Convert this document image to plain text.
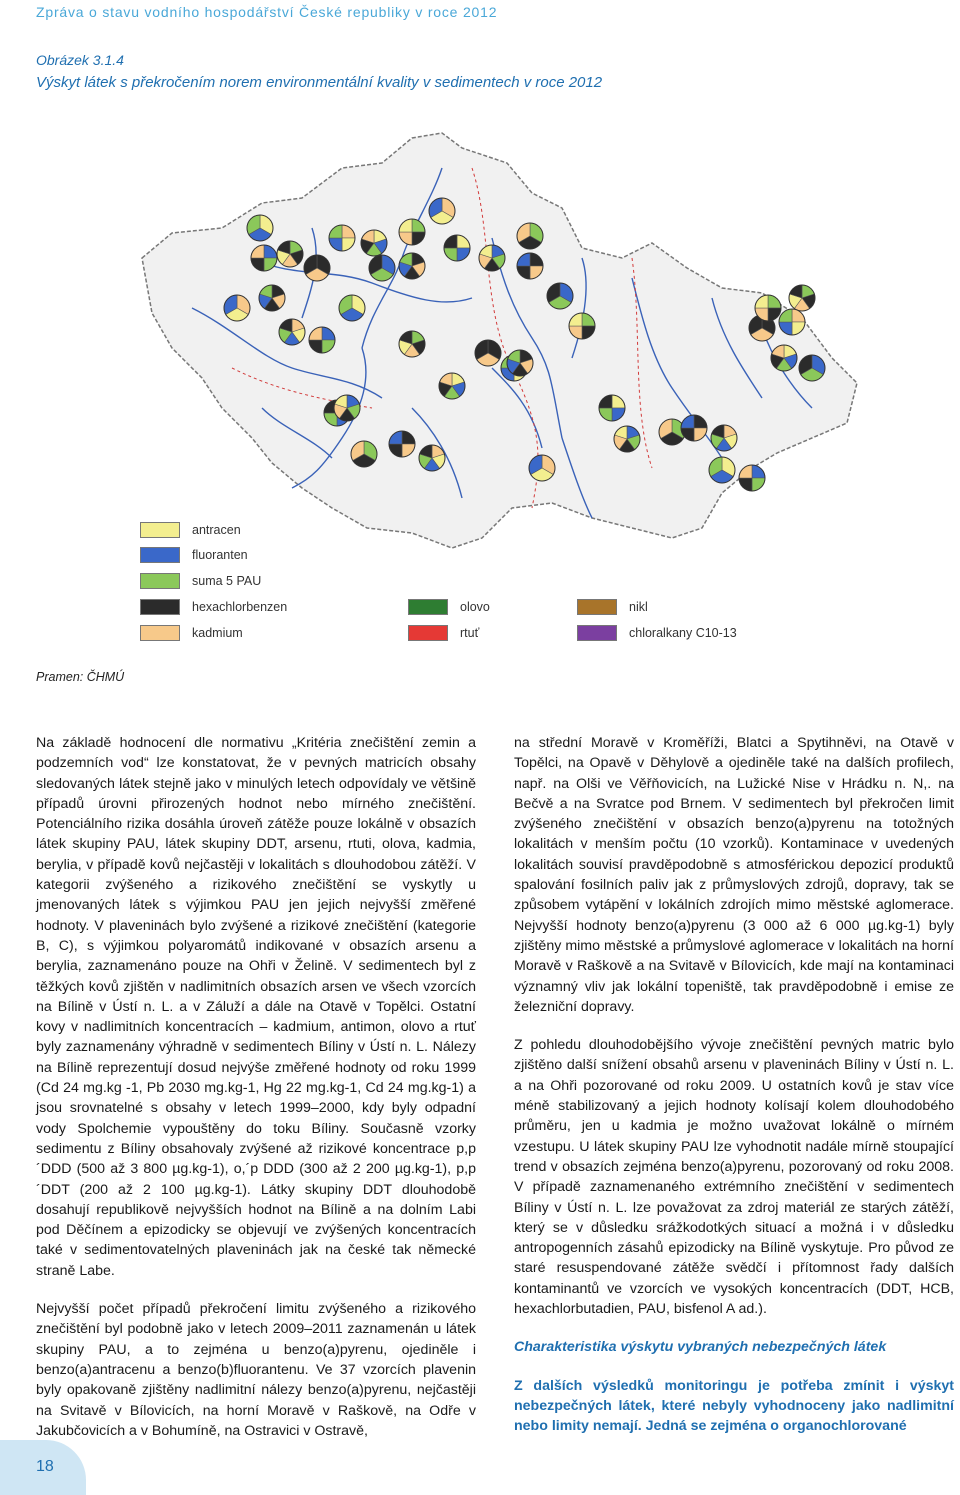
Zpráva o stavu vodního hospodářství České republiky v roce 2012
Obrázek 3.1.4
Výskyt látek s překročením norem environmentální kvality v sedimentech v roce 2012
antracen
fluoranten
suma 5 PAU
hexachlorbenzen
kadmium
olovo
rtuť
nikl
chloralkany C10-13
Pramen: ČHMÚ

Na základě hodnocení dle normativu „Kritéria znečištění zemin a podzemních vod“ lze konstatovat, že v pevných matricích obsahy sledovaných látek stejně jako v minulých letech odpovídaly ve většině případů úrovni přirozených hodnot nebo mírného znečištění. Potenciálního rizika dosáhla úroveň zátěže pouze lokálně v obsazích látek skupiny PAU, látek skupiny DDT, arsenu, rtuti, olova, kadmia, berylia, v případě kovů nejčastěji v lokalitách s dlouhodobou zátěží. V kategorii zvýšeného a rizikového znečištění se vyskytly u jmenovaných látek s výjimkou PAU jen jejich nejvyšší změřené hodnoty. V plaveninách bylo zvýšené a rizikové znečištění (kategorie B, C), s výjimkou polyaromátů indikované v obsazích arsenu a berylia, zaznamenáno pouze na Ohři v Želině. V sedimentech byl z těžkých kovů zjištěn v nadlimitních obsazích arsen ve všech vzorcích na Bílině v Ústí n. L. a v Záluží a dále na Otavě v Topělci. Ostatní kovy v nadlimitních koncentracích – kadmium, antimon, olovo a rtuť byly zaznamenány výhradně v sedimentech Bíliny v Ústí n. L. Nálezy na Bílině reprezentují dosud nejvýše změřené hodnoty od roku 1999 (Cd 24 mg.kg -1, Pb 2030 mg.kg-1, Hg 22 mg.kg-1, Cd 24 mg.kg-1) a jsou srovnatelné s obsahy v letech 1999–2000, kdy byly odpadní vody Spolchemie vypouštěny do toku Bíliny. Současně vzorky sedimentu z Bíliny obsahovaly zvýšené až rizikové koncentrace p,p´DDD (500 až 3 800 µg.kg-1), o,´p DDD (300 až 2 200 µg.kg-1), p,p´DDT (200 až 2 100 µg.kg-1). Látky skupiny DDT dlouhodobě dosahují republikově nejvyšších hodnot na Bílině a na dolním Labi pod Děčínem a epizodicky se objevují ve zvýšených koncentracích také v sedimentovatelných plaveninách jak na české tak německé straně Labe.

Nejvyšší počet případů překročení limitu zvýšeného a rizikového znečištění byl podobně jako v letech 2009–2011 zaznamenán u látek skupiny PAU, a to zejména u benzo(a)pyrenu, ojediněle i benzo(a)antracenu a benzo(b)fluorantenu. Ve 37 vzorcích plavenin byly opakovaně zjištěny nadlimitní nálezy benzo(a)pyrenu, nejčastěji na Svitavě v Bílovicích, na horní Moravě v Raškově, na Odře v Jakubčovicích a v Bohumíně, na Ostravici v Ostravě,

na střední Moravě v Kroměříži, Blatci a Spytihněvi, na Otavě v Topělci, na Opavě v Děhylově a ojediněle také na dalších profilech, např. na Olši ve Věřňovicích, na Lužické Nise v Hrádku n. N,. na Bečvě a na Svratce pod Brnem. V sedimentech byl překročen limit zvýšeného znečištění v obsazích benzo(a)pyrenu na totožných lokalitách v menším počtu (10 vzorků). Kontaminace v uvedených lokalitách souvisí pravděpodobně s atmosférickou depozicí produktů spalování fosilních paliv jak z průmyslových zdrojů, dopravy, tak se způsobem vytápění v lokálních zdrojích mimo městské aglomerace. Nejvyšší hodnoty benzo(a)pyrenu (3 000 až 6 000 µg.kg-1) byly zjištěny mimo městské a průmyslové aglomerace v lokalitách na horní Moravě v Raškově a na Svitavě v Bílovicích, kde mají na kontaminaci významný vliv jak lokální topeniště, tak pravděpodobně i emise ze železniční dopravy.

Z pohledu dlouhodobějšího vývoje znečištění pevných matric bylo zjištěno další snížení obsahů arsenu v plaveninách Bíliny v Ústí n. L. a na Ohři pozorované od roku 2009. U ostatních kovů je stav více méně stabilizovaný a jejich hodnoty kolísají kolem dlouhodobého průměru, jen u kadmia je možno uvažovat lokálně o mírném vzestupu. U látek skupiny PAU lze vyhodnotit nadále mírně stoupající trend v obsazích zejména benzo(a)pyrenu, pozorovaný od roku 2008. V případě zaznamenaného extrémního znečištění v sedimentech Bíliny v Ústí n. L. lze považovat za zdroj materiál ze starých zátěží, který se v důsledku srážkodotkých situací a možná i v důsledku antropogenních zásahů epizodicky na Bílině vyskytuje. Pro původ ze staré resuspendované zátěže svědčí i přítomnost řady dalších kontaminantů ve vzorcích ve vysokých koncentracích (DDT, HCB, hexachlorbutadien, PAU, bisfenol A ad.).

Charakteristika výskytu vybraných nebezpečných látek

Z dalších výsledků monitoringu je potřeba zmínit i výskyt nebezpečných látek, které nebyly vyhodnoceny jako nadlimitní nebo limity nemají. Jedná se zejména o organochlorované

18
